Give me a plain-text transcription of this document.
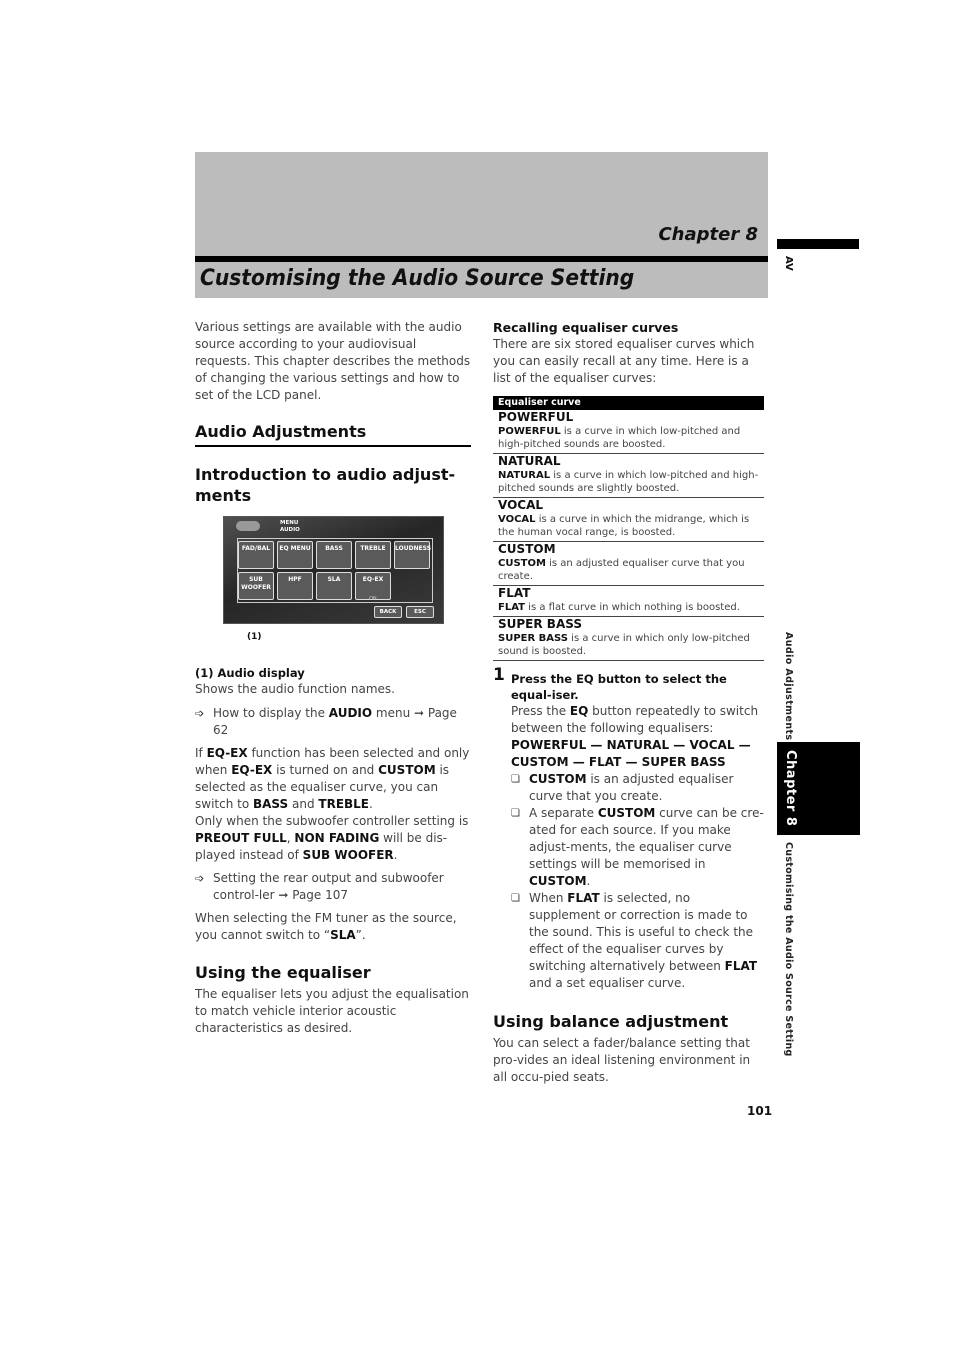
Chapter 8
Customising the Audio Source Setting
AV
Audio Adjustments
Chapter 8
Customising the Audio Source Setting

Various settings are available with the audio source according to your audiovisual requests. This chapter describes the methods of changing the various settings and how to set of the LCD panel.

Audio Adjustments
Introduction to audio adjust-ments
MENU
AUDIO
FAD/BAL	EQ MENU	BASS	TREBLE	LOUDNESS
SUB WOOFER
HPF	SLA	EQ-EX
ON
BACK	ESC
(1)

(1) Audio display

Shows the audio function names.

➩ How to display the AUDIO menu ➞ Page 62

If EQ-EX function has been selected and only when EQ-EX is turned on and CUSTOM is selected as the equaliser curve, you can switch to BASS and TREBLE.

Only when the subwoofer controller setting is PREOUT FULL, NON FADING will be dis-played instead of SUB WOOFER.

➩ Setting the rear output and subwoofer control-ler ➞ Page 107

When selecting the FM tuner as the source, you cannot switch to “SLA”.

Using the equaliser

The equaliser lets you adjust the equalisation to match vehicle interior acoustic characteristics as desired.

Recalling equaliser curves

There are six stored equaliser curves which you can easily recall at any time. Here is a list of the equaliser curves:

Equaliser curve
POWERFUL
POWERFUL is a curve in which low-pitched and high-pitched sounds are boosted.
NATURAL
NATURAL is a curve in which low-pitched and high-pitched sounds are slightly boosted.
VOCAL
VOCAL is a curve in which the midrange, which is the human vocal range, is boosted.
CUSTOM
CUSTOM is an adjusted equaliser curve that you create.
FLAT
FLAT is a flat curve in which nothing is boosted.
SUPER BASS
SUPER BASS is a curve in which only low-pitched sound is boosted.
1 Press the EQ button to select the equal-iser.

Press the EQ button repeatedly to switch between the following equalisers:

POWERFUL — NATURAL — VOCAL — CUSTOM — FLAT — SUPER BASS

❏ CUSTOM is an adjusted equaliser curve that you create.
❏ A separate CUSTOM curve can be cre-ated for each source. If you make adjust-ments, the equaliser curve settings will be memorised in CUSTOM.
❏ When FLAT is selected, no supplement or correction is made to the sound. This is useful to check the effect of the equaliser curves by switching alternatively between FLAT and a set equaliser curve.
Using balance adjustment

You can select a fader/balance setting that pro-vides an ideal listening environment in all occu-pied seats.

101
